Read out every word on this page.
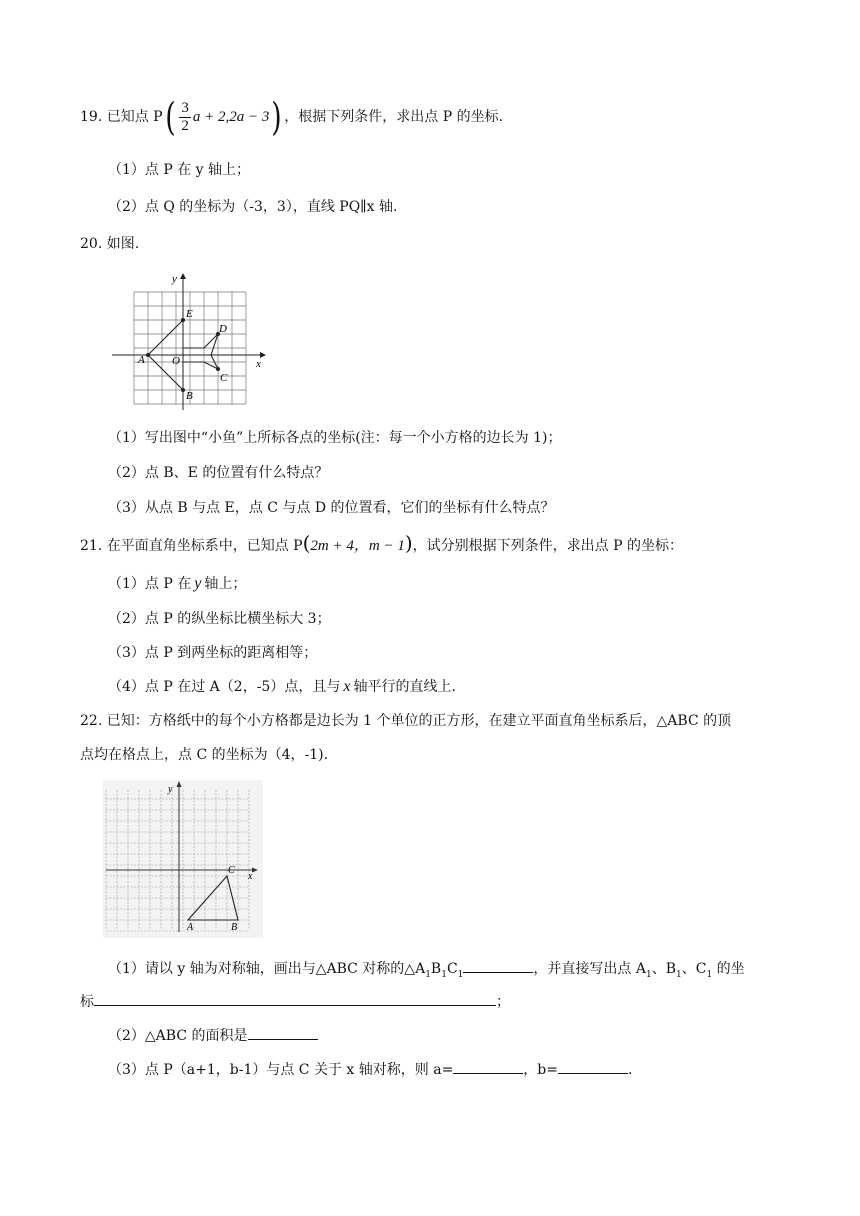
19. 已知点 $P( \frac{3}{2}$ a + 2,2a − 3) ，根据下列条件，求出点 P 的坐标.
（1）点 P 在 y 轴上；
（2）点 Q 的坐标为（-3，3），直线 PQ∥x 轴.
20. 如图.
y
x
E
D
A O
C
B
（1）写出图中“小鱼”上所标各点的坐标(注：每一个小方格的边长为 1)；
（2）点 B、E 的位置有什么特点？
（3）从点 B 与点 E，点 C 与点 D 的位置看，它们的坐标有什么特点？
21. 在平面直角坐标系中，已知点 P(2m + 4，m − 1)，试分别根据下列条件，求出点 P 的坐标：
（1）点 P 在 y 轴上；
（2）点 P 的纵坐标比横坐标大 3；
（3）点 P 到两坐标的距离相等；
（4）点 P 在过 A（2，-5）点，且与 x 轴平行的直线上.
22. 已知：方格纸中的每个小方格都是边长为 1 个单位的正方形，在建立平面直角坐标系后，△ABC 的顶
点均在格点上，点 C 的坐标为（4，-1).
y
x
C
A	B
（1）请以 y 轴为对称轴，画出与△ABC 对称的$\triangle A_1B_1C_1$	，并直接写出点 $A_1$、$B_1$、$C_1$ 的坐
标	；
（2）△ABC 的面积是
（3）点 P（a+1，b-1）与点 C 关于 x 轴对称，则 a=	，b=	.
